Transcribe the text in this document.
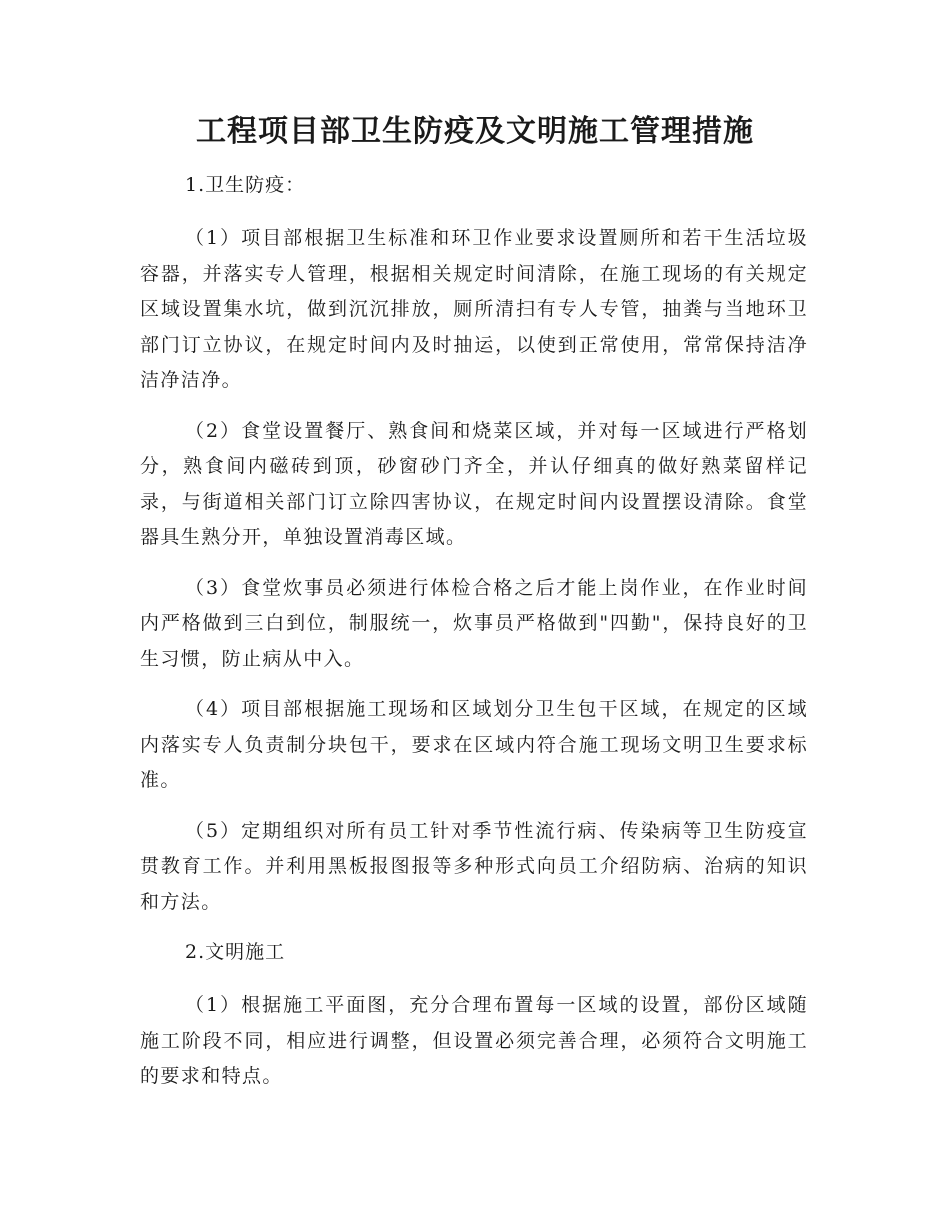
工程项目部卫生防疫及文明施工管理措施

1.卫生防疫：

（1）项目部根据卫生标准和环卫作业要求设置厕所和若干生活垃圾容器，并落实专人管理，根据相关规定时间清除，在施工现场的有关规定区域设置集水坑，做到沉沉排放，厕所清扫有专人专管，抽粪与当地环卫部门订立协议，在规定时间内及时抽运，以使到正常使用，常常保持洁净洁净洁净。

（2）食堂设置餐厅、熟食间和烧菜区域，并对每一区域进行严格划分，熟食间内磁砖到顶，砂窗砂门齐全，并认仔细真的做好熟菜留样记录，与街道相关部门订立除四害协议，在规定时间内设置摆设清除。食堂器具生熟分开，单独设置消毒区域。

（3）食堂炊事员必须进行体检合格之后才能上岗作业，在作业时间内严格做到三白到位，制服统一，炊事员严格做到"四勤"，保持良好的卫生习惯，防止病从中入。

（4）项目部根据施工现场和区域划分卫生包干区域，在规定的区域内落实专人负责制分块包干，要求在区域内符合施工现场文明卫生要求标准。

（5）定期组织对所有员工针对季节性流行病、传染病等卫生防疫宣贯教育工作。并利用黑板报图报等多种形式向员工介绍防病、治病的知识和方法。

2.文明施工

（1）根据施工平面图，充分合理布置每一区域的设置，部份区域随施工阶段不同，相应进行调整，但设置必须完善合理，必须符合文明施工的要求和特点。
